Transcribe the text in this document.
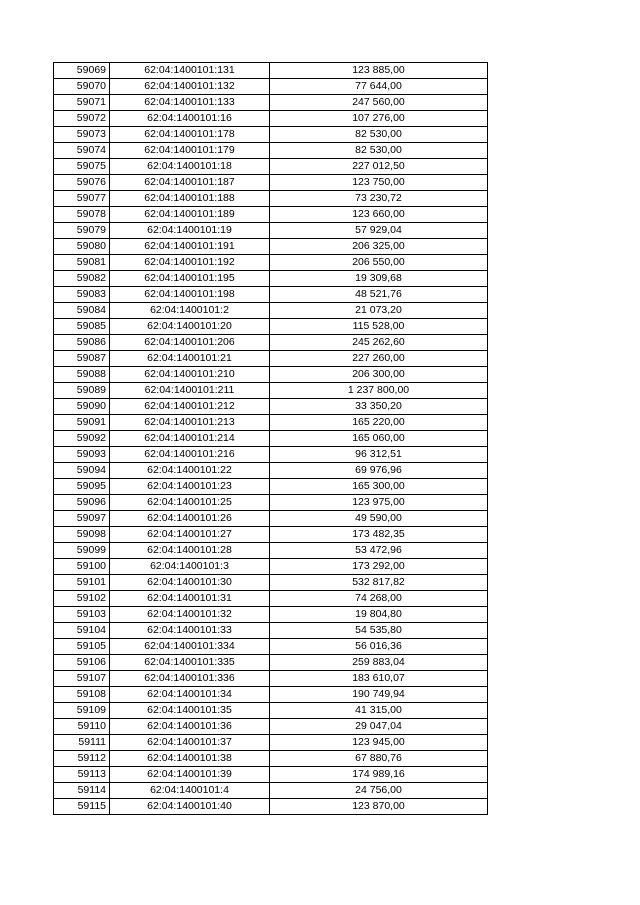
59069	62:04:1400101:131	123 885,00
59070	62:04:1400101:132	77 644,00
59071	62:04:1400101:133	247 560,00
59072	62:04:1400101:16	107 276,00
59073	62:04:1400101:178	82 530,00
59074	62:04:1400101:179	82 530,00
59075	62:04:1400101:18	227 012,50
59076	62:04:1400101:187	123 750,00
59077	62:04:1400101:188	73 230,72
59078	62:04:1400101:189	123 660,00
59079	62:04:1400101:19	57 929,04
59080	62:04:1400101:191	206 325,00
59081	62:04:1400101:192	206 550,00
59082	62:04:1400101:195	19 309,68
59083	62:04:1400101:198	48 521,76
59084	62:04:1400101:2	21 073,20
59085	62:04:1400101:20	115 528,00
59086	62:04:1400101:206	245 262,60
59087	62:04:1400101:21	227 260,00
59088	62:04:1400101:210	206 300,00
59089	62:04:1400101:211	1 237 800,00
59090	62:04:1400101:212	33 350,20
59091	62:04:1400101:213	165 220,00
59092	62:04:1400101:214	165 060,00
59093	62:04:1400101:216	96 312,51
59094	62:04:1400101:22	69 976,96
59095	62:04:1400101:23	165 300,00
59096	62:04:1400101:25	123 975,00
59097	62:04:1400101:26	49 590,00
59098	62:04:1400101:27	173 482,35
59099	62:04:1400101:28	53 472,96
59100	62:04:1400101:3	173 292,00
59101	62:04:1400101:30	532 817,82
59102	62:04:1400101:31	74 268,00
59103	62:04:1400101:32	19 804,80
59104	62:04:1400101:33	54 535,80
59105	62:04:1400101:334	56 016,36
59106	62:04:1400101:335	259 883,04
59107	62:04:1400101:336	183 610,07
59108	62:04:1400101:34	190 749,94
59109	62:04:1400101:35	41 315,00
59110	62:04:1400101:36	29 047,04
59111	62:04:1400101:37	123 945,00
59112	62:04:1400101:38	67 880,76
59113	62:04:1400101:39	174 989,16
59114	62:04:1400101:4	24 756,00
59115	62:04:1400101:40	123 870,00
